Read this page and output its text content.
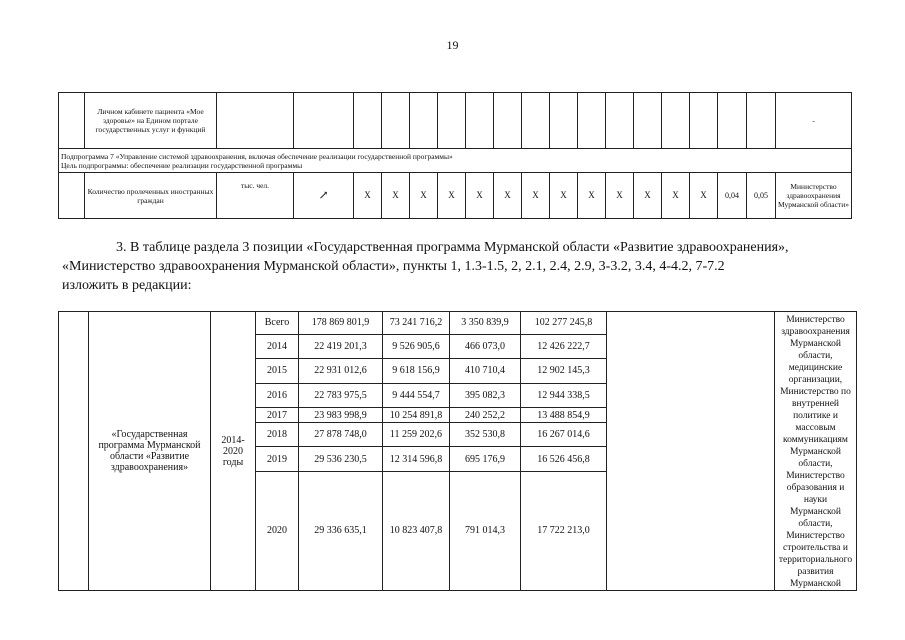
19
	Личном кабинете пациента «Мое здоровье» на Едином портале государственных услуг и функций																		-

Подпрограмма 7 «Управление системой здравоохранения, включая обеспечение реализации государственной программы»
Цель подпрограммы: обеспечение реализации государственной программы																			

	Количество пролеченных иностранных граждан	тыс. чел.	↗	X	X	X	X	X	X	X	X	X	X	X	X	X	0,04	0,05	Министерство здравоохранения Мурманской области»

3. В таблице раздела 3 позиции «Государственная программа Мурманской области «Развитие здравоохранения»,

«Министерство здравоохранения Мурманской области», пункты 1, 1.3-1.5, 2, 2.1, 2.4, 2.9, 3-3.2, 3.4, 4-4.2, 7-7.2

изложить в редакции:

	«Государственная программа Мурманской области «Развитие здравоохранения»	2014-2020 годы	Всего	178 869 801,9	73 241 716,2	3 350 839,9	102 277 245,8		Министерство здравоохранения Мурманской области, медицинские организации, Министерство по внутренней политике и массовым коммуникациям Мурманской области, Министерство образования и науки Мурманской области, Министерство строительства и территориального развития Мурманской
			2014	22 419 201,3	9 526 905,6	466 073,0	12 426 222,7		
			2015	22 931 012,6	9 618 156,9	410 710,4	12 902 145,3		
			2016	22 783 975,5	9 444 554,7	395 082,3	12 944 338,5		
			2017	23 983 998,9	10 254 891,8	240 252,2	13 488 854,9		
			2018	27 878 748,0	11 259 202,6	352 530,8	16 267 014,6		
			2019	29 536 230,5	12 314 596,8	695 176,9	16 526 456,8		
			2020	29 336 635,1	10 823 407,8	791 014,3	17 722 213,0		
